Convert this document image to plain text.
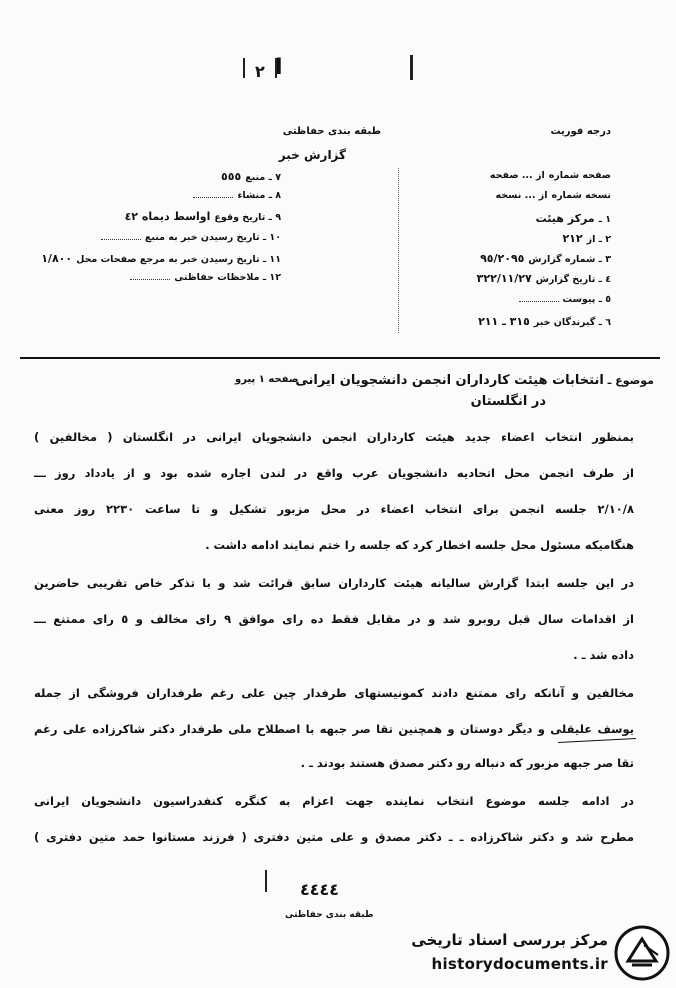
ا
٢
درجه فوریت
طبقه بندی حفاظتی
گزارش خبر
٧ ـ منبع
٥٥٥
٨ ـ منشاء
٩ ـ تاریخ وقوع
اواسط دیماه ٤٢
١٠ ـ تاریخ رسیدن خبر به منبع
١١ ـ تاریخ رسیدن خبر به مرجع صفحات محل
١/٨٠٠
١٢ ـ ملاحظات حفاظتی
صفحه شماره
از ... صفحه
نسخه شماره
از ... نسخه
١ ـ
مرکز هیئت
٢ ـ از
٢١٢
٣ ـ شماره گزارش
٩٥/٢٠٩٥
٤ ـ تاریخ گزارش
٣٢٢/١١/٢٧
٥ ـ پیوست
٦ ـ گیرندگان خبر
٣١٥ ـ ٢١١
موضوع ـ انتخابات هیئت کارداران انجمن دانشجویان ایرانی
در انگلستان
صفحه ١ پیرو
بمنظور انتخاب اعضاء جدید هیئت کارداران انجمن دانشجویان ایرانی در انگلستان ( مخالفین )
از طرف انجمن محل اتحادیه دانشجویان عرب واقع در لندن اجاره شده بود و از یادداد روز ـــ
٢/١٠/٨ جلسه انجمن برای انتخاب اعضاء در محل مزبور تشکیل و تا ساعت ٢٢٣٠ روز معنی
هنگامیکه مسئول محل جلسه اخطار کرد که جلسه را ختم نمایند ادامه داشت .
در این جلسه ابتدا گزارش سالیانه هیئت کارداران سابق قرائت شد و با تذکر خاص تقریبی حاضرین
از اقدامات سال قبل روبرو شد و در مقابل فقط ده رای موافق ٩ رای مخالف و ٥ رای ممتنع ـــ
داده شد ـ .
مخالفین و آنانکه رای ممتنع دادند کمونیستهای طرفدار چین علی رغم طرفداران فروشگی از جمله
یوسف علیقلی و دیگر دوستان و همچنین تقا صر جبهه با اصطلاح ملی طرفدار دکتر شاکرزاده علی رغم
تقا صر جبهه مزبور که دنباله رو دکتر مصدق هستند بودند ـ .
در ادامه جلسه موضوع انتخاب نماینده جهت اعزام به کنگره کنفدراسیون دانشجویان ایرانی
مطرح شد و دکتر شاکرزاده ـ ـ دکتر مصدق و علی متین دفتری ( فرزند مستانوا حمد متین دفتری )
٤٤٤٤
طبقه بندی حفاظتی
مرکز بررسی اسناد تاریخی
historydocuments.ir
